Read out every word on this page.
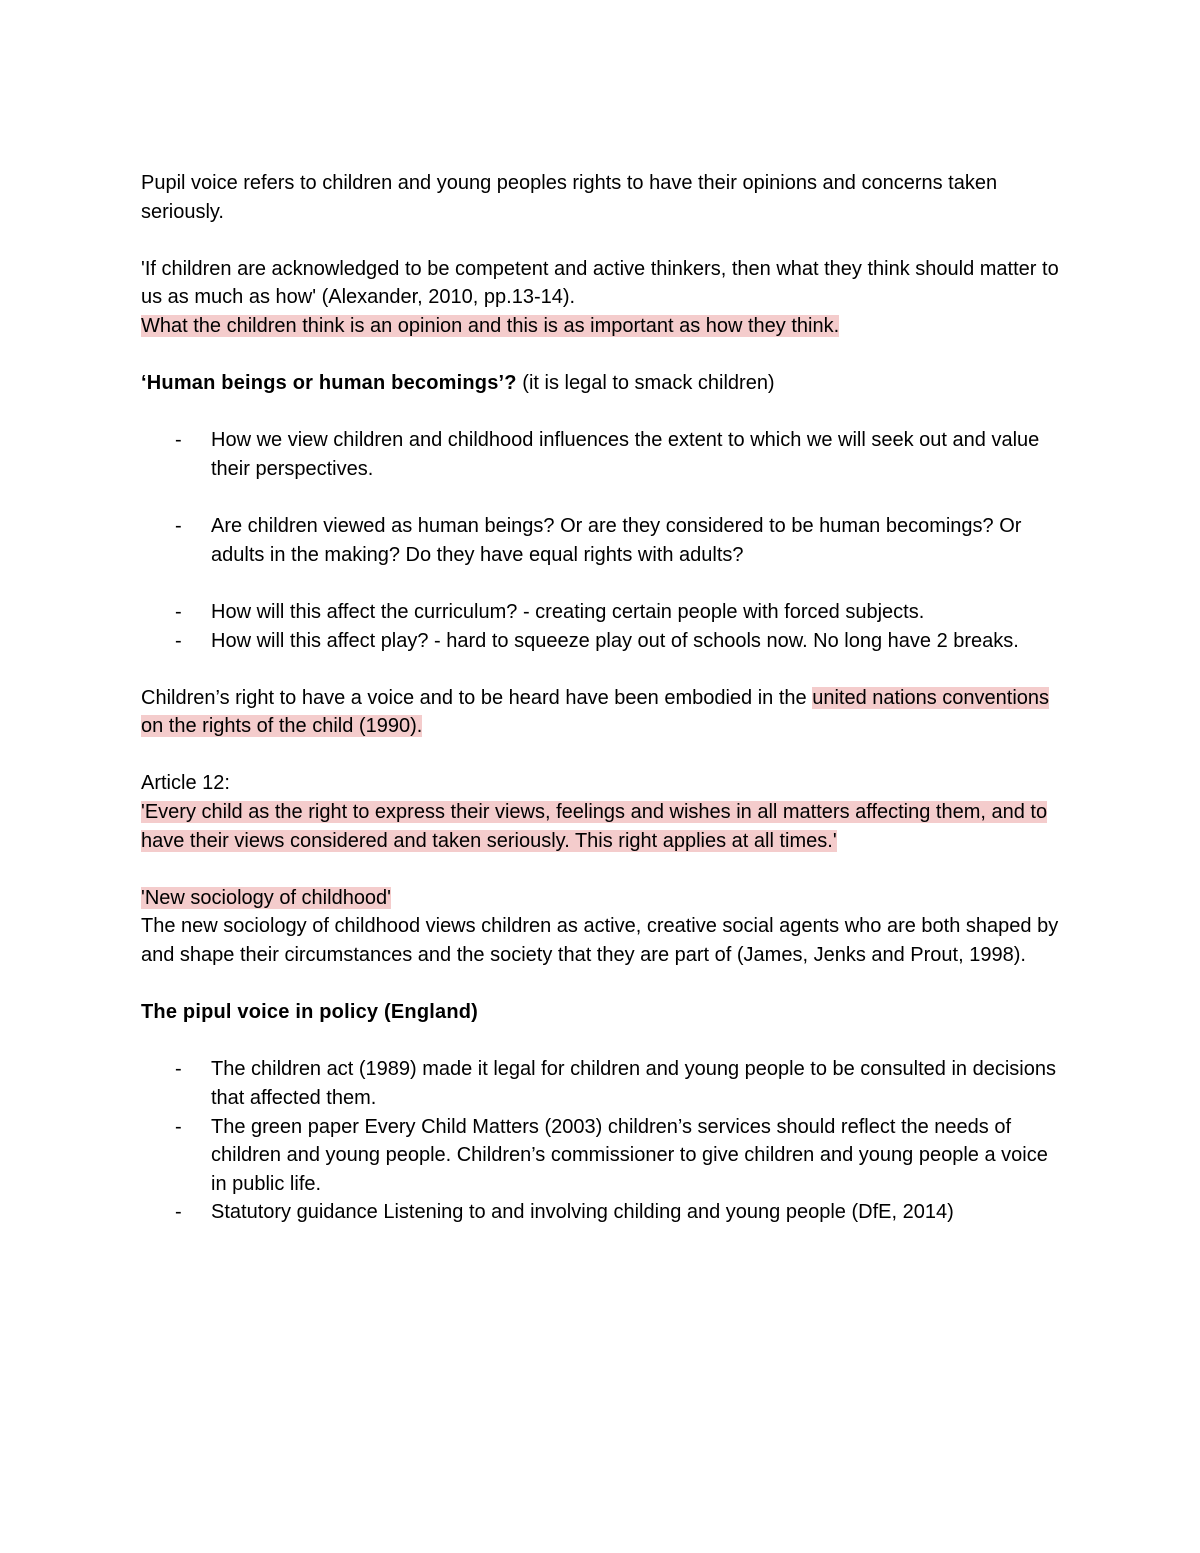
Pupil voice refers to children and young peoples rights to have their opinions and concerns taken seriously.

'If children are acknowledged to be competent and active thinkers, then what they think should matter to us as much as how' (Alexander, 2010, pp.13-14).

What the children think is an opinion and this is as important as how they think.

‘Human beings or human becomings’? (it is legal to smack children)

- How we view children and childhood influences the extent to which we will seek out and value their perspectives.
- Are children viewed as human beings? Or are they considered to be human becomings? Or adults in the making? Do they have equal rights with adults?
- How will this affect the curriculum? - creating certain people with forced subjects.
- How will this affect play? - hard to squeeze play out of schools now. No long have 2 breaks.

Children’s right to have a voice and to be heard have been embodied in the united nations conventions on the rights of the child (1990).

Article 12:

'Every child as the right to express their views, feelings and wishes in all matters affecting them, and to have their views considered and taken seriously. This right applies at all times.'

'New sociology of childhood'

The new sociology of childhood views children as active, creative social agents who are both shaped by and shape their circumstances and the society that they are part of (James, Jenks and Prout, 1998).

The pipul voice in policy (England)

- The children act (1989) made it legal for children and young people to be consulted in decisions that affected them.
- The green paper Every Child Matters (2003) children’s services should reflect the needs of children and young people. Children’s commissioner to give children and young people a voice in public life.
- Statutory guidance Listening to and involving childing and young people (DfE, 2014)
